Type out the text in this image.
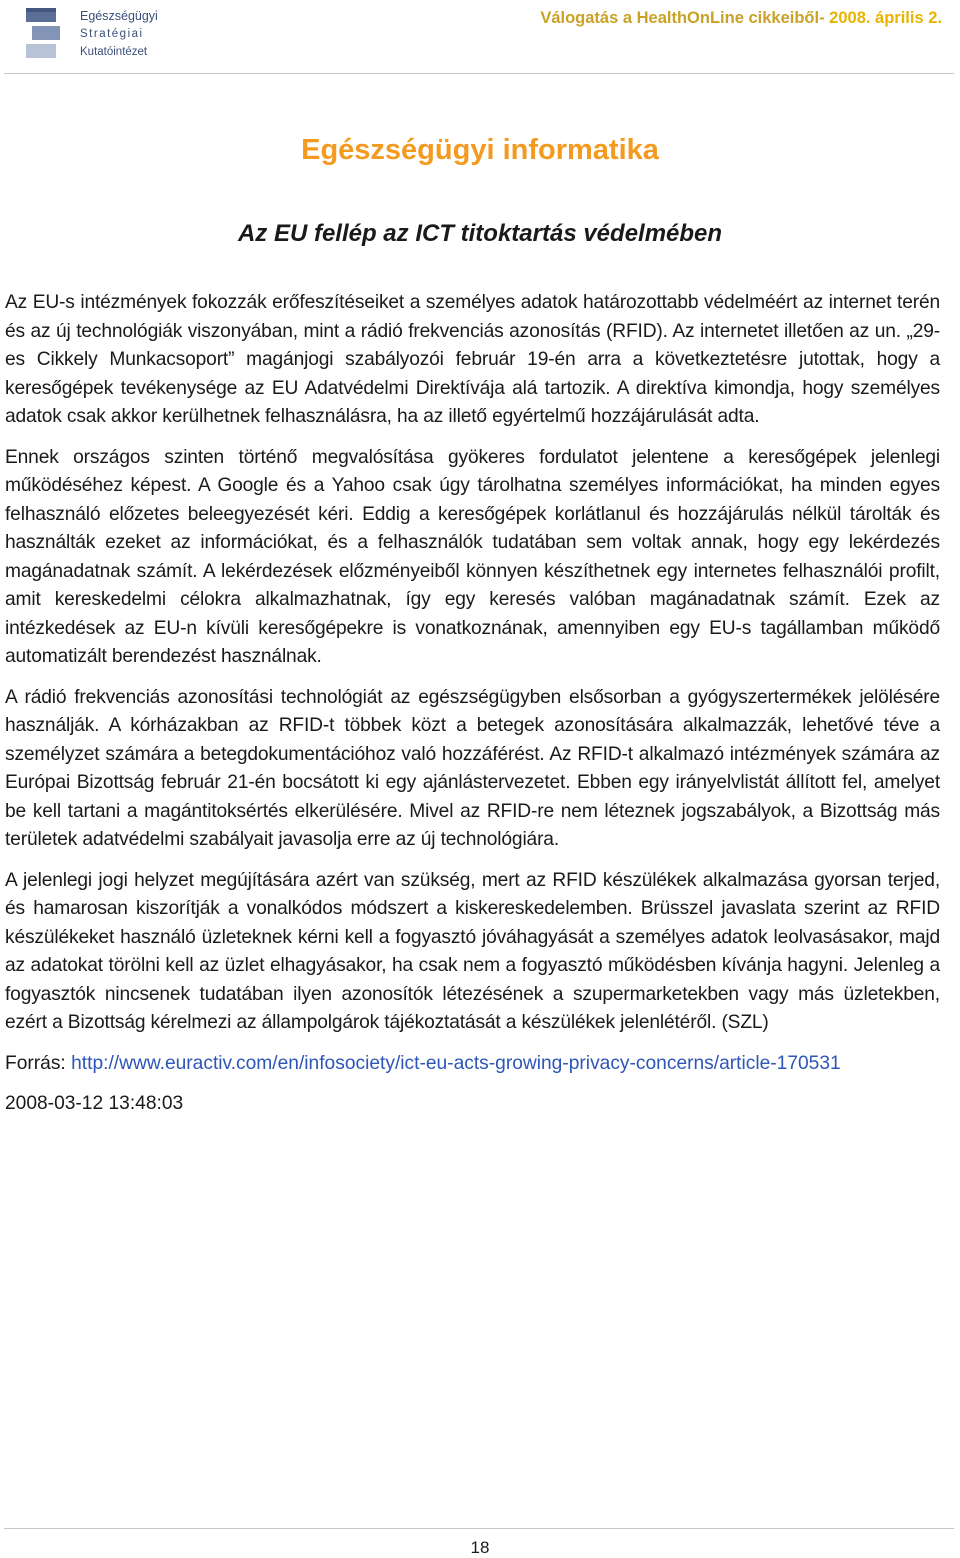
Egészségügyi
Stratégiai
Kutatóintézet
Válogatás a HealthOnLine cikkeiből- 2008. április 2.
Egészségügyi informatika
Az EU fellép az ICT titoktartás védelmében

Az EU-s intézmények fokozzák erőfeszítéseiket a személyes adatok határozottabb védelméért az internet terén és az új technológiák viszonyában, mint a rádió frekvenciás azonosítás (RFID). Az internetet illetően az un. „29-es Cikkely Munkacsoport” magánjogi szabályozói február 19-én arra a következtetésre jutottak, hogy a keresőgépek tevékenysége az EU Adatvédelmi Direktívája alá tartozik. A direktíva kimondja, hogy személyes adatok csak akkor kerülhetnek felhasználásra, ha az illető egyértelmű hozzájárulását adta.

Ennek országos szinten történő megvalósítása gyökeres fordulatot jelentene a keresőgépek jelenlegi működéséhez képest. A Google és a Yahoo csak úgy tárolhatna személyes információkat, ha minden egyes felhasználó előzetes beleegyezését kéri. Eddig a keresőgépek korlátlanul és hozzájárulás nélkül tárolták és használták ezeket az információkat, és a felhasználók tudatában sem voltak annak, hogy egy lekérdezés magánadatnak számít. A lekérdezések előzményeiből könnyen készíthetnek egy internetes felhasználói profilt, amit kereskedelmi célokra alkalmazhatnak, így egy keresés valóban magánadatnak számít. Ezek az intézkedések az EU-n kívüli keresőgépekre is vonatkoznának, amennyiben egy EU-s tagállamban működő automatizált berendezést használnak.

A rádió frekvenciás azonosítási technológiát az egészségügyben elsősorban a gyógyszertermékek jelölésére használják. A kórházakban az RFID-t többek közt a betegek azonosítására alkalmazzák, lehetővé téve a személyzet számára a betegdokumentációhoz való hozzáférést. Az RFID-t alkalmazó intézmények számára az Európai Bizottság február 21-én bocsátott ki egy ajánlástervezetet. Ebben egy irányelvlistát állított fel, amelyet be kell tartani a magántitoksértés elkerülésére. Mivel az RFID-re nem léteznek jogszabályok, a Bizottság más területek adatvédelmi szabályait javasolja erre az új technológiára.

A jelenlegi jogi helyzet megújítására azért van szükség, mert az RFID készülékek alkalmazása gyorsan terjed, és hamarosan kiszorítják a vonalkódos módszert a kiskereskedelemben. Brüsszel javaslata szerint az RFID készülékeket használó üzleteknek kérni kell a fogyasztó jóváhagyását a személyes adatok leolvasásakor, majd az adatokat törölni kell az üzlet elhagyásakor, ha csak nem a fogyasztó működésben kívánja hagyni. Jelenleg a fogyasztók nincsenek tudatában ilyen azonosítók létezésének a szupermarketekben vagy más üzletekben, ezért a Bizottság kérelmezi az állampolgárok tájékoztatását a készülékek jelenlétéről. (SZL)

Forrás: http://www.euractiv.com/en/infosociety/ict-eu-acts-growing-privacy-concerns/article-170531
2008-03-12 13:48:03
18
